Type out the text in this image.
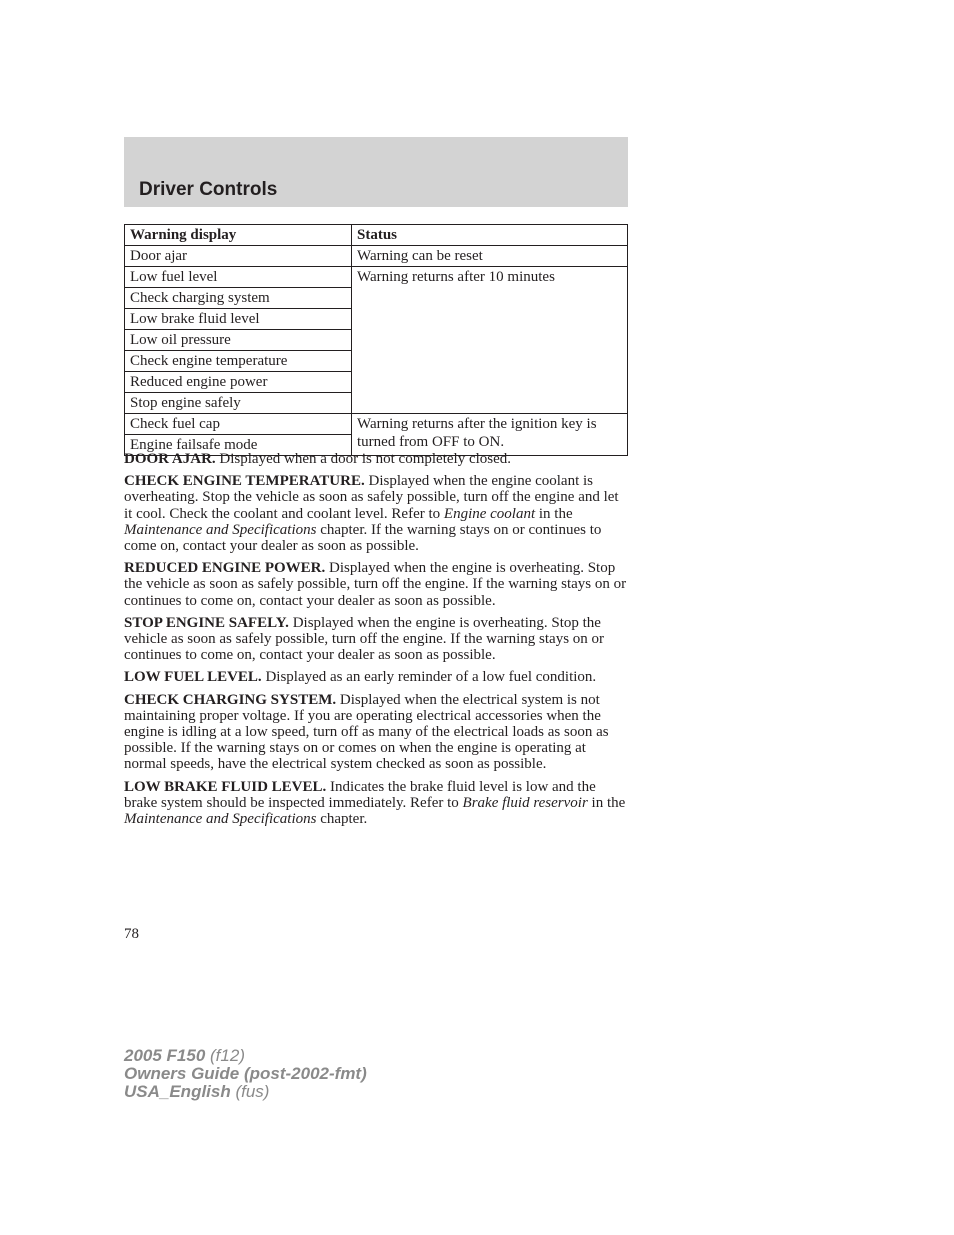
Driver Controls
Warning display	Status
Door ajar	Warning can be reset
Low fuel level	Warning returns after 10 minutes
Check charging system	
Low brake fluid level	
Low oil pressure	
Check engine temperature	
Reduced engine power	
Stop engine safely	
Check fuel cap	Warning returns after the ignition key is turned from OFF to ON.
Engine failsafe mode	

DOOR AJAR. Displayed when a door is not completely closed.

CHECK ENGINE TEMPERATURE. Displayed when the engine coolant is overheating. Stop the vehicle as soon as safely possible, turn off the engine and let it cool. Check the coolant and coolant level. Refer to Engine coolant in the Maintenance and Specifications chapter. If the warning stays on or continues to come on, contact your dealer as soon as possible.

REDUCED ENGINE POWER. Displayed when the engine is overheating. Stop the vehicle as soon as safely possible, turn off the engine. If the warning stays on or continues to come on, contact your dealer as soon as possible.

STOP ENGINE SAFELY. Displayed when the engine is overheating. Stop the vehicle as soon as safely possible, turn off the engine. If the warning stays on or continues to come on, contact your dealer as soon as possible.

LOW FUEL LEVEL. Displayed as an early reminder of a low fuel condition.

CHECK CHARGING SYSTEM. Displayed when the electrical system is not maintaining proper voltage. If you are operating electrical accessories when the engine is idling at a low speed, turn off as many of the electrical loads as soon as possible. If the warning stays on or comes on when the engine is operating at normal speeds, have the electrical system checked as soon as possible.

LOW BRAKE FLUID LEVEL. Indicates the brake fluid level is low and the brake system should be inspected immediately. Refer to Brake fluid reservoir in the Maintenance and Specifications chapter.

78
2005 F150 (f12)
Owners Guide (post-2002-fmt)
USA_English (fus)
